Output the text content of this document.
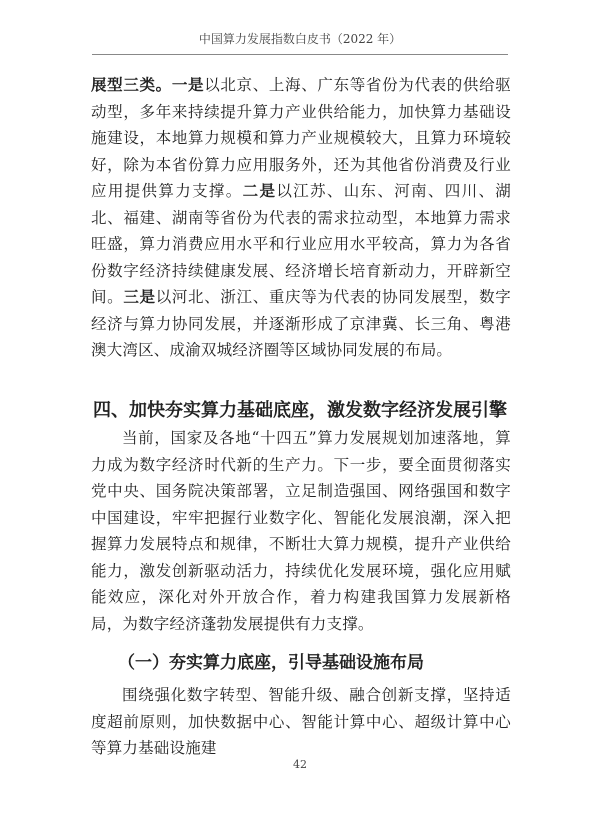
中国算力发展指数白皮书（2022 年）

展型三类。一是以北京、上海、广东等省份为代表的供给驱动型，多年来持续提升算力产业供给能力，加快算力基础设施建设，本地算力规模和算力产业规模较大，且算力环境较好，除为本省份算力应用服务外，还为其他省份消费及行业应用提供算力支撑。二是以江苏、山东、河南、四川、湖北、福建、湖南等省份为代表的需求拉动型，本地算力需求旺盛，算力消费应用水平和行业应用水平较高，算力为各省份数字经济持续健康发展、经济增长培育新动力，开辟新空间。三是以河北、浙江、重庆等为代表的协同发展型，数字经济与算力协同发展，并逐渐形成了京津冀、长三角、粤港澳大湾区、成渝双城经济圈等区域协同发展的布局。

四、加快夯实算力基础底座，激发数字经济发展引擎

当前，国家及各地“十四五”算力发展规划加速落地，算力成为数字经济时代新的生产力。下一步，要全面贯彻落实党中央、国务院决策部署，立足制造强国、网络强国和数字中国建设，牢牢把握行业数字化、智能化发展浪潮，深入把握算力发展特点和规律，不断壮大算力规模，提升产业供给能力，激发创新驱动活力，持续优化发展环境，强化应用赋能效应，深化对外开放合作，着力构建我国算力发展新格局，为数字经济蓬勃发展提供有力支撑。

（一）夯实算力底座，引导基础设施布局

围绕强化数字转型、智能升级、融合创新支撑，坚持适度超前原则，加快数据中心、智能计算中心、超级计算中心等算力基础设施建

42
